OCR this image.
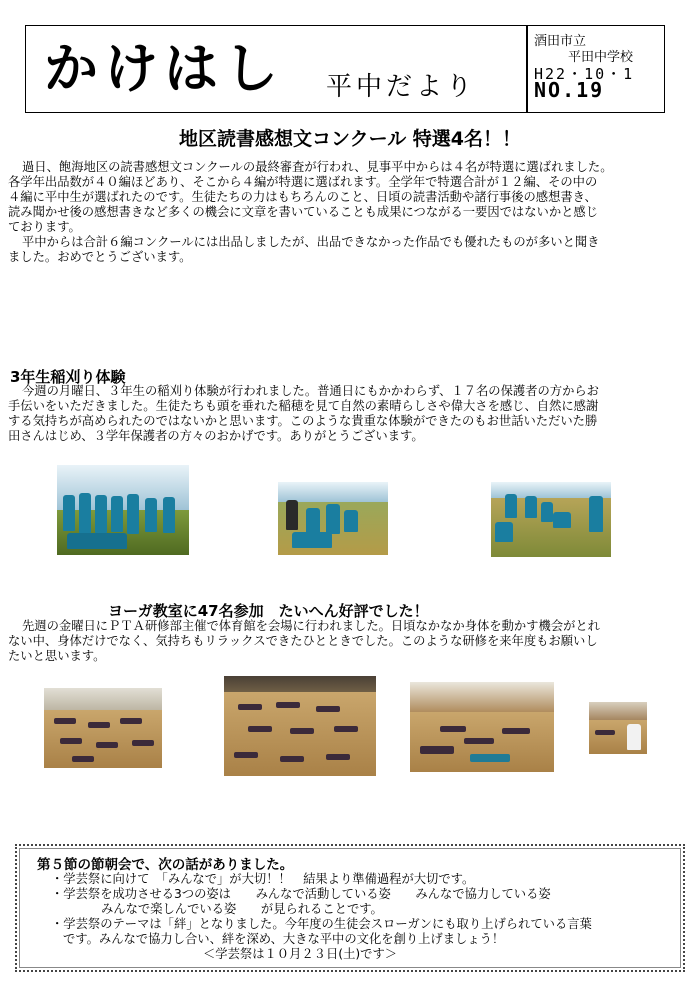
かけはし 平中だより
酒田市立
平田中学校
H22・10・1
NO.19
地区読書感想文コンクール 特選4名！！
過日、飽海地区の読書感想文コンクールの最終審査が行われ、見事平中からは４名が特選に選ばれました。
各学年出品数が４０編ほどあり、そこから４編が特選に選ばれます。全学年で特選合計が１２編、その中の
４編に平中生が選ばれたのです。生徒たちの力はもちろんのこと、日頃の読書活動や諸行事後の感想書き、
読み聞かせ後の感想書きなど多くの機会に文章を書いていることも成果につながる一要因ではないかと感じ
ております。
平中からは合計６編コンクールには出品しましたが、出品できなかった作品でも優れたものが多いと聞き
ました。おめでとうございます。
3年生稲刈り体験
今週の月曜日、３年生の稲刈り体験が行われました。普通日にもかかわらず、１７名の保護者の方からお
手伝いをいただきました。生徒たちも頭を垂れた稲穂を見て自然の素晴らしさや偉大さを感じ、自然に感謝
する気持ちが高められたのではないかと思います。このような貴重な体験ができたのもお世話いただいた勝
田さんはじめ、３学年保護者の方々のおかげです。ありがとうございます。
ヨーガ教室に47名参加　たいへん好評でした！
先週の金曜日にＰＴＡ研修部主催で体育館を会場に行われました。日頃なかなか身体を動かす機会がとれ
ない中、身体だけでなく、気持ちもリラックスできたひとときでした。このような研修を来年度もお願いし
たいと思います。
第５節の節朝会で、次の話がありました。
・学芸祭に向けて　「みんなで」が大切！！　結果より準備過程が大切です。
・学芸祭を成功させる3つの姿は　　みんなで活動している姿　　みんなで協力している姿
みんなで楽しんでいる姿　　が見られることです。
・学芸祭のテーマは「絆」となりました。今年度の生徒会スローガンにも取り上げられている言葉
です。みんなで協力し合い、絆を深め、大きな平中の文化を創り上げましょう！
＜学芸祭は１０月２３日(土)です＞
